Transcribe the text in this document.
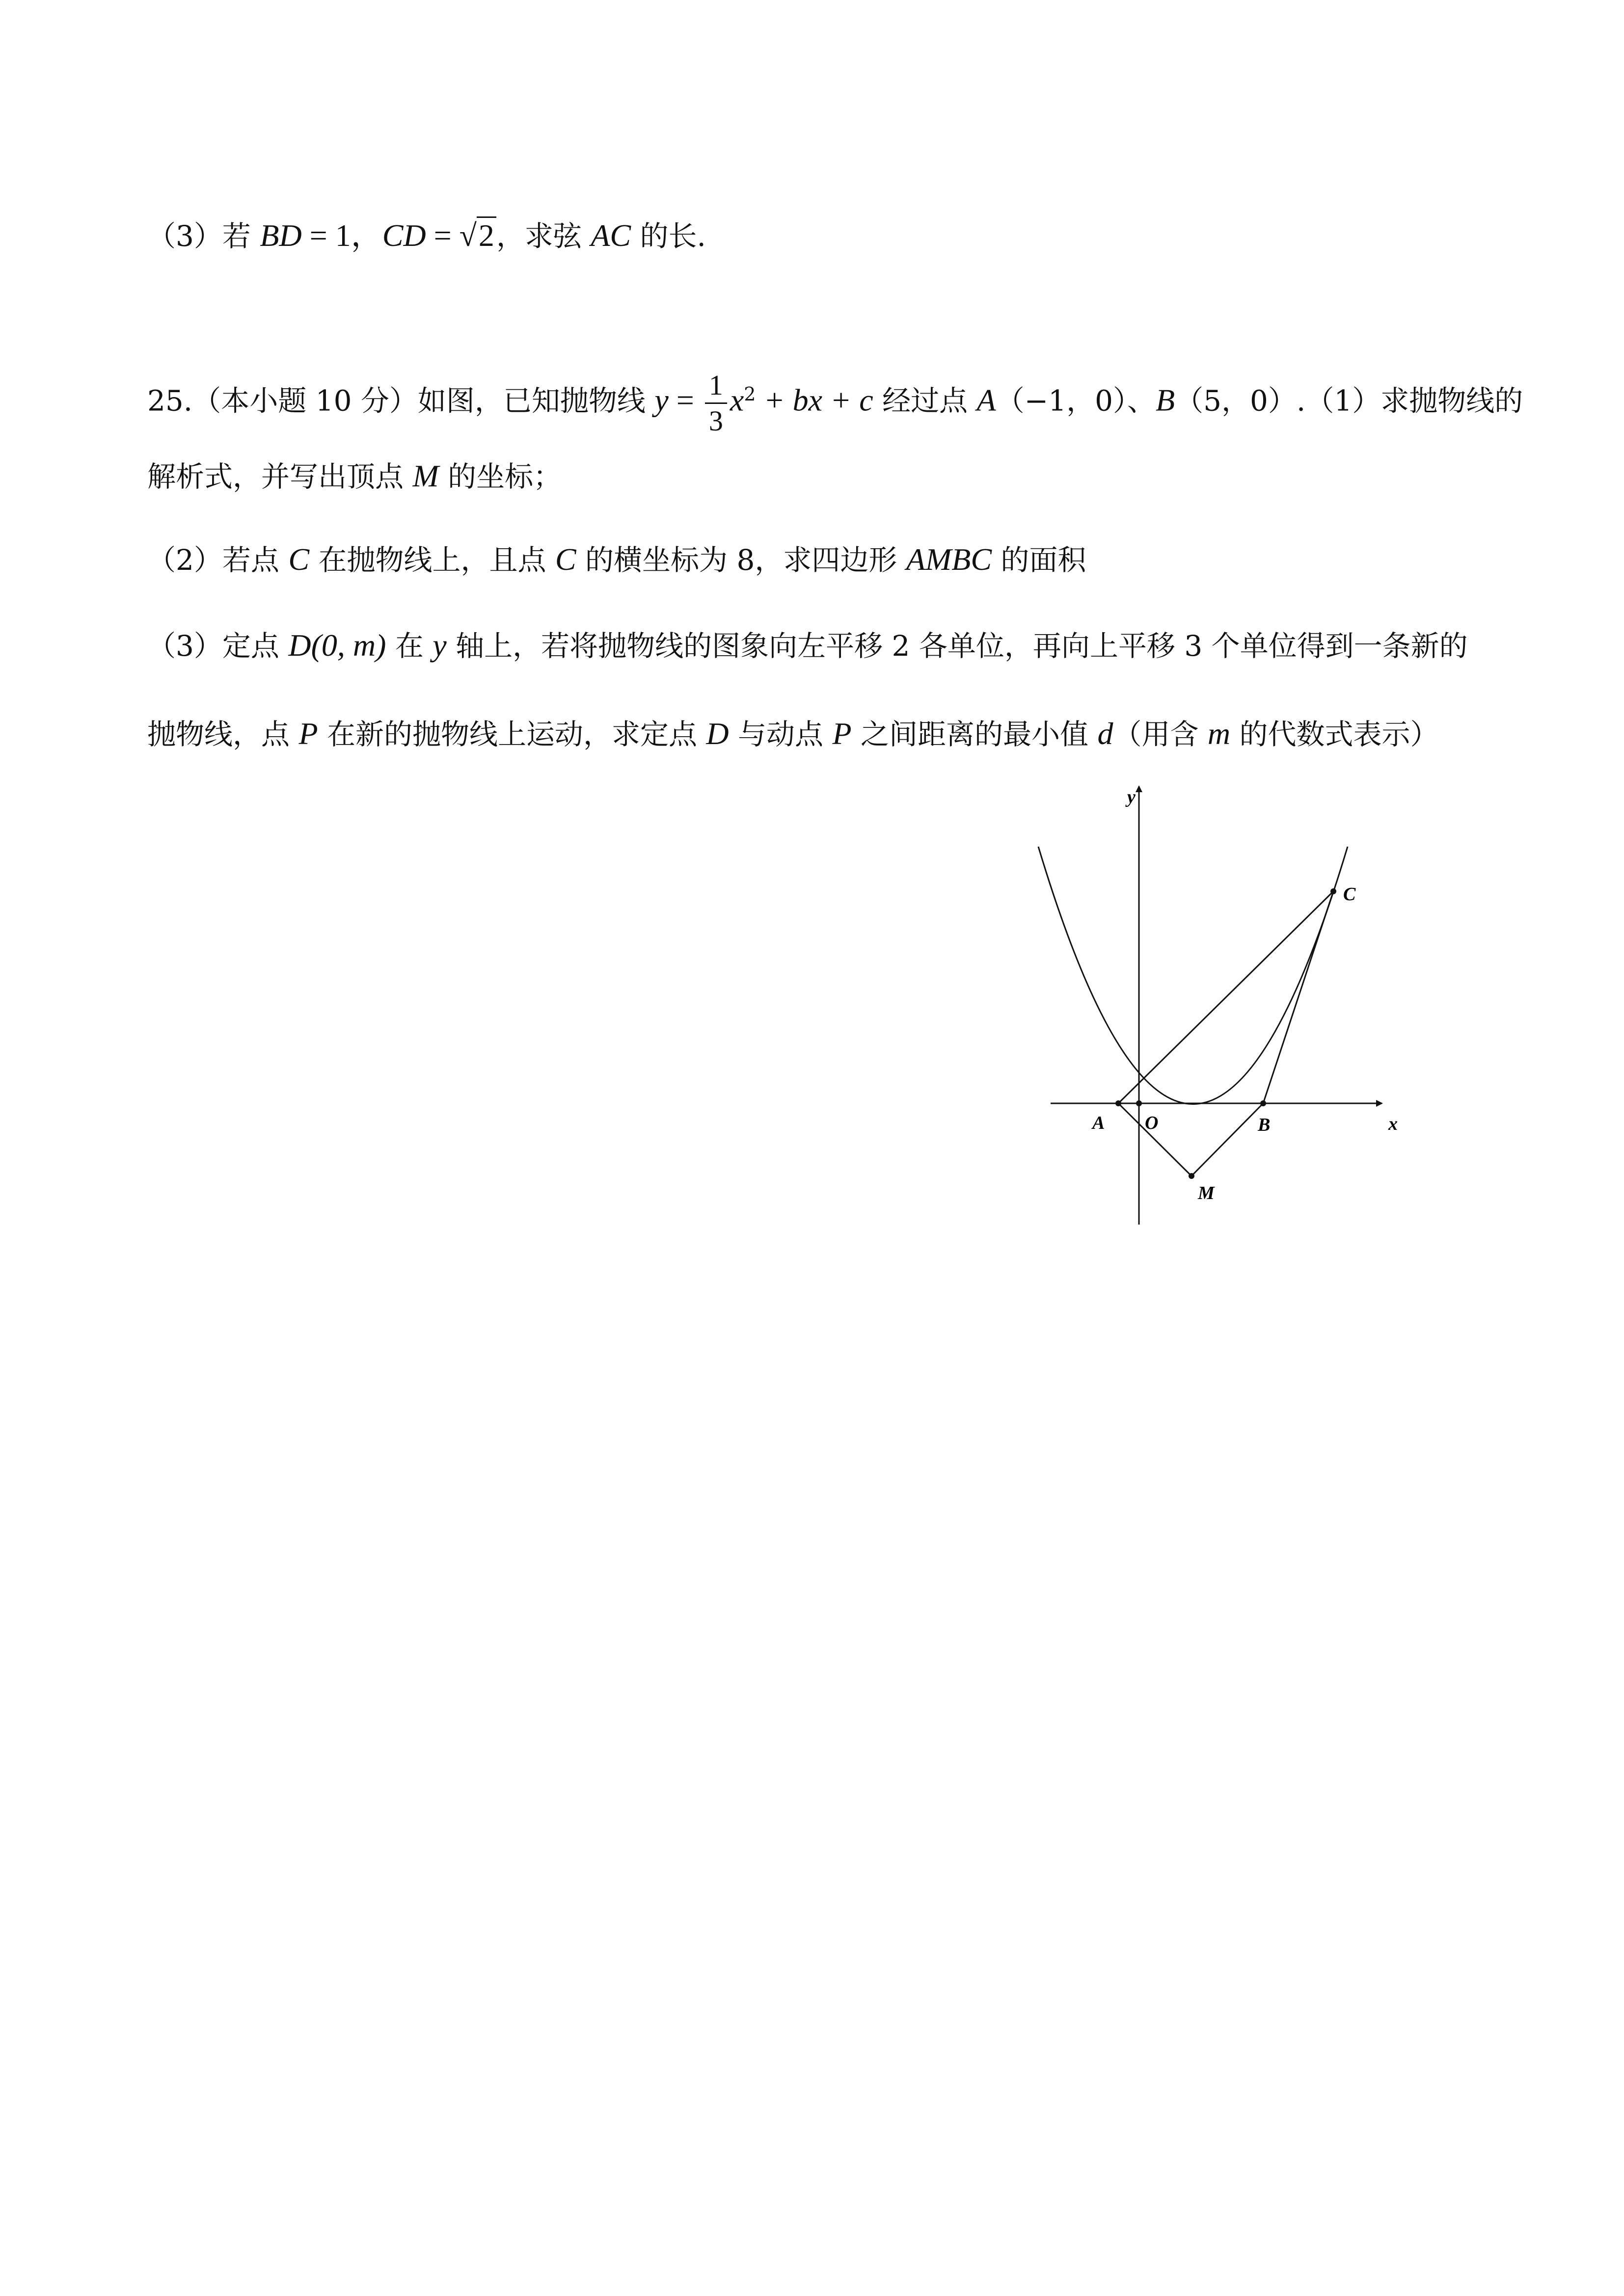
（3）若 BD = 1，CD = √2，求弦 AC 的长.
25.（本小题 10 分）如图，已知抛物线 $y = \frac{1}{3} x^2$ + bx + c 经过点 A（−1，0）、B（5，0）.（1）求抛物线的
解析式，并写出顶点 M 的坐标；
（2）若点 C 在抛物线上，且点 C 的横坐标为 8，求四边形 AMBC 的面积
（3）定点 D(0, m) 在 y 轴上，若将抛物线的图象向左平移 2 各单位，再向上平移 3 个单位得到一条新的
抛物线，点 P 在新的抛物线上运动，求定点 D 与动点 P 之间距离的最小值 d（用含 m 的代数式表示）
y
x
A O	B
C
M
